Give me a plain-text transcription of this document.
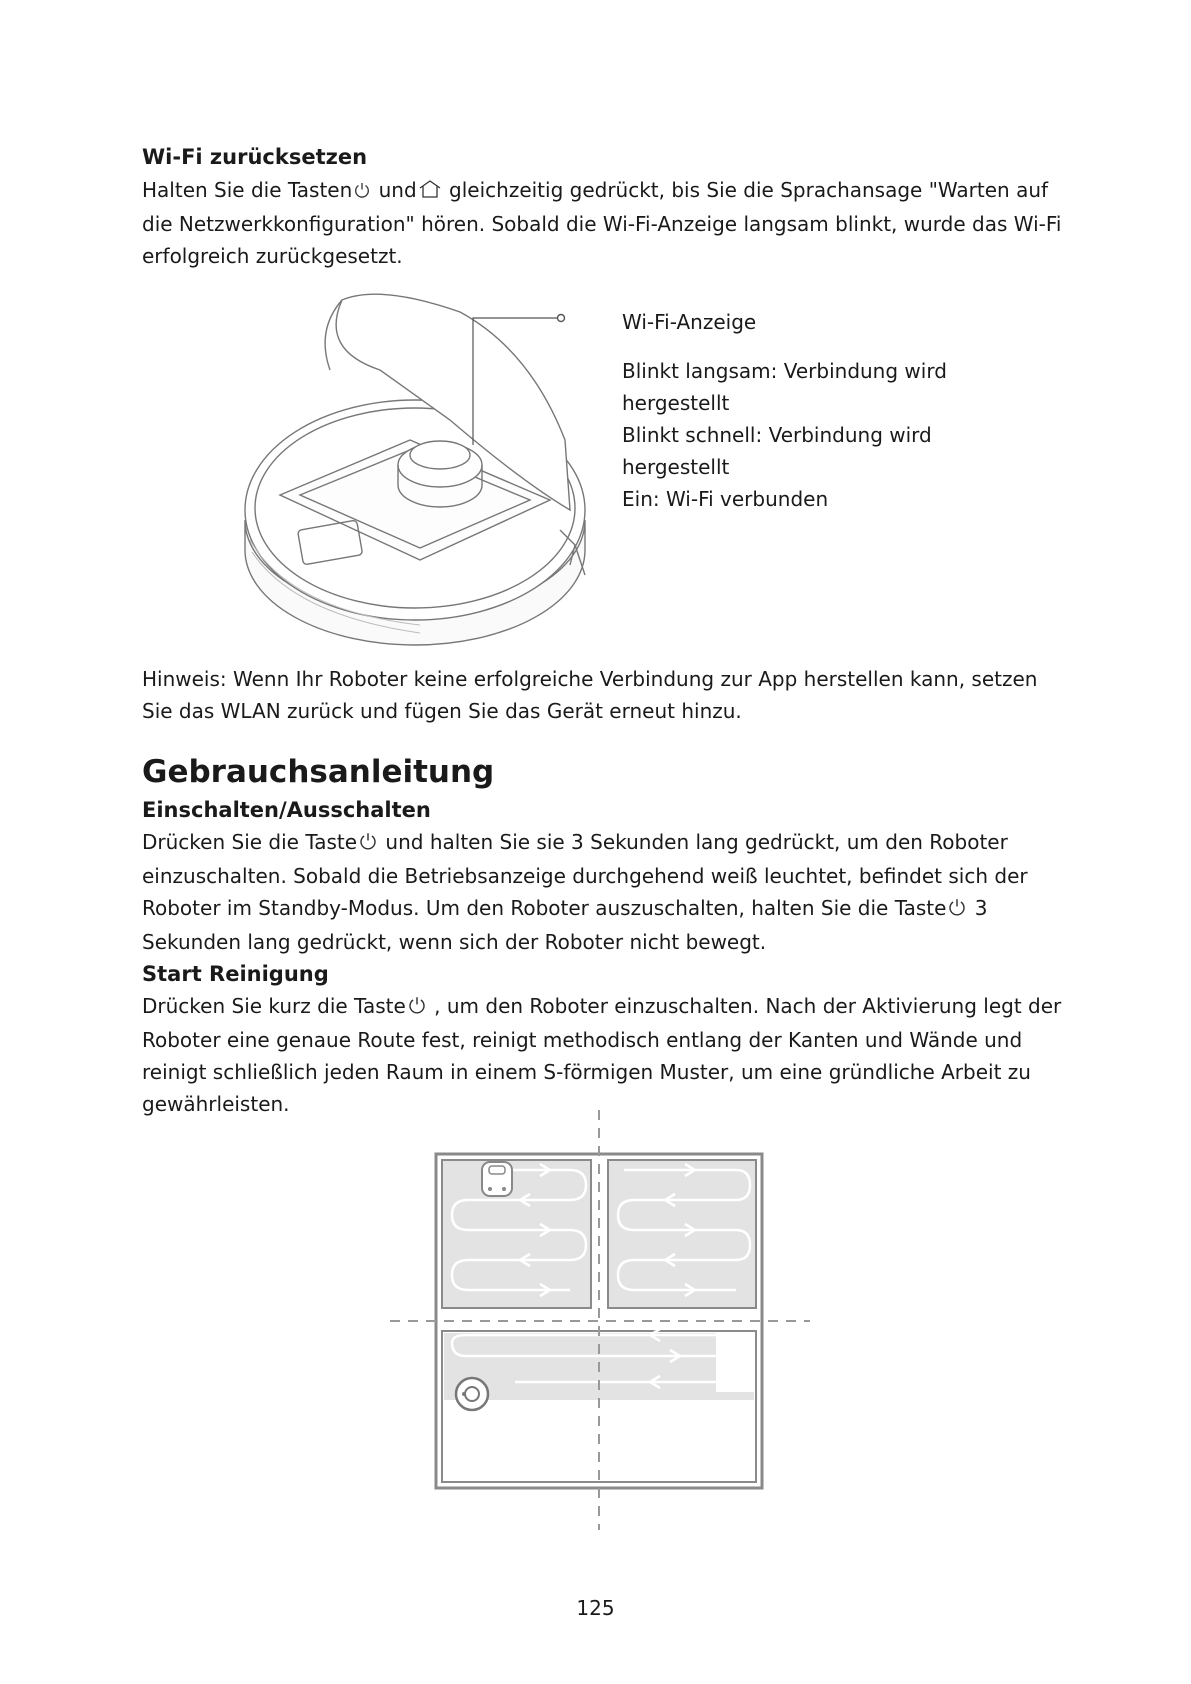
Wi-Fi zurücksetzen

Halten Sie die Tasten und gleichzeitig gedrückt, bis Sie die Sprachansage "Warten auf die Netzwerkkonfiguration" hören. Sobald die Wi-Fi-Anzeige langsam blinkt, wurde das Wi-Fi erfolgreich zurückgesetzt.

Wi-Fi-Anzeige

Blinkt langsam: Verbindung wird hergestellt

Blinkt schnell: Verbindung wird hergestellt

Ein: Wi-Fi verbunden

Hinweis: Wenn Ihr Roboter keine erfolgreiche Verbindung zur App herstellen kann, setzen Sie das WLAN zurück und fügen Sie das Gerät erneut hinzu.

Gebrauchsanleitung

Einschalten/Ausschalten

Drücken Sie die Taste und halten Sie sie 3 Sekunden lang gedrückt, um den Roboter einzuschalten. Sobald die Betriebsanzeige durchgehend weiß leuchtet, befindet sich der Roboter im Standby-Modus. Um den Roboter auszuschalten, halten Sie die Taste 3 Sekunden lang gedrückt, wenn sich der Roboter nicht bewegt.

Start Reinigung

Drücken Sie kurz die Taste , um den Roboter einzuschalten. Nach der Aktivierung legt der Roboter eine genaue Route fest, reinigt methodisch entlang der Kanten und Wände und reinigt schließlich jeden Raum in einem S-förmigen Muster, um eine gründliche Arbeit zu gewährleisten.

125
